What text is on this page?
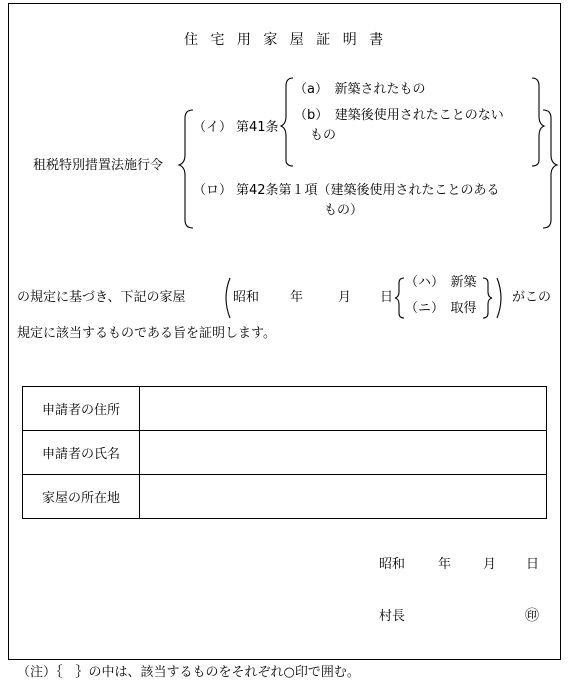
住 宅 用 家 屋 証 明 書
租税特別措置法施行令
（イ） 第41条
（a）　新築されたもの
（b）　建築後使用されたことのない
もの
（ロ） 第42条第１項（建築後使用されたことのある
もの）
の規定に基づき、下記の家屋	昭和 年	月 日
（ハ）　新築
（ニ）　取得
がこの
規定に該当するものである旨を証明します。
申請者の住所	
申請者の氏名	
家屋の所在地	
昭和	年 月 日
村長	㊞
（注）｛　｝の中は、該当するものをそれぞれ○印で囲む。
